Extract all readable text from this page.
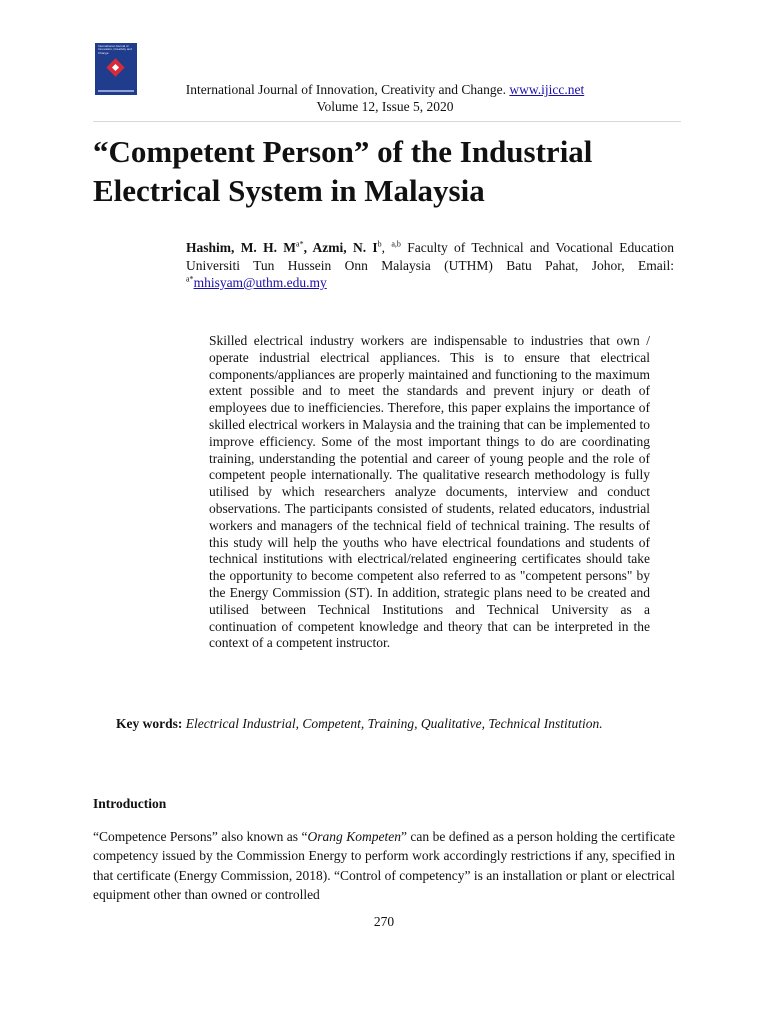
International Journal of Innovation, Creativity and Change
International Journal of Innovation, Creativity and Change. www.ijicc.net
Volume 12, Issue 5, 2020
“Competent Person” of the Industrial Electrical System in Malaysia
Hashim, M. H. $M^{a*}$, Azmi, N. $I^b$, $^{a,b}$ Faculty of Technical and Vocational Education Universiti Tun Hussein Onn Malaysia (UTHM) Batu Pahat, Johor, Email: $^{a*}$mhisyam@uthm.edu.my

Skilled electrical industry workers are indispensable to industries that own / operate industrial electrical appliances. This is to ensure that electrical components/appliances are properly maintained and functioning to the maximum extent possible and to meet the standards and prevent injury or death of employees due to inefficiencies. Therefore, this paper explains the importance of skilled electrical workers in Malaysia and the training that can be implemented to improve efficiency. Some of the most important things to do are coordinating training, understanding the potential and career of young people and the role of competent people internationally. The qualitative research methodology is fully utilised by which researchers analyze documents, interview and conduct observations. The participants consisted of students, related educators, industrial workers and managers of the technical field of technical training. The results of this study will help the youths who have electrical foundations and students of technical institutions with electrical/related engineering certificates should take the opportunity to become competent also referred to as "competent persons" by the Energy Commission (ST). In addition, strategic plans need to be created and utilised between Technical Institutions and Technical University as a continuation of competent knowledge and theory that can be interpreted in the context of a competent instructor.

Key words: Electrical Industrial, Competent, Training, Qualitative, Technical Institution.
Introduction

“Competence Persons” also known as “Orang Kompeten” can be defined as a person holding the certificate competency issued by the Commission Energy to perform work accordingly restrictions if any, specified in that certificate (Energy Commission, 2018). “Control of competency” is an installation or plant or electrical equipment other than owned or controlled

270
